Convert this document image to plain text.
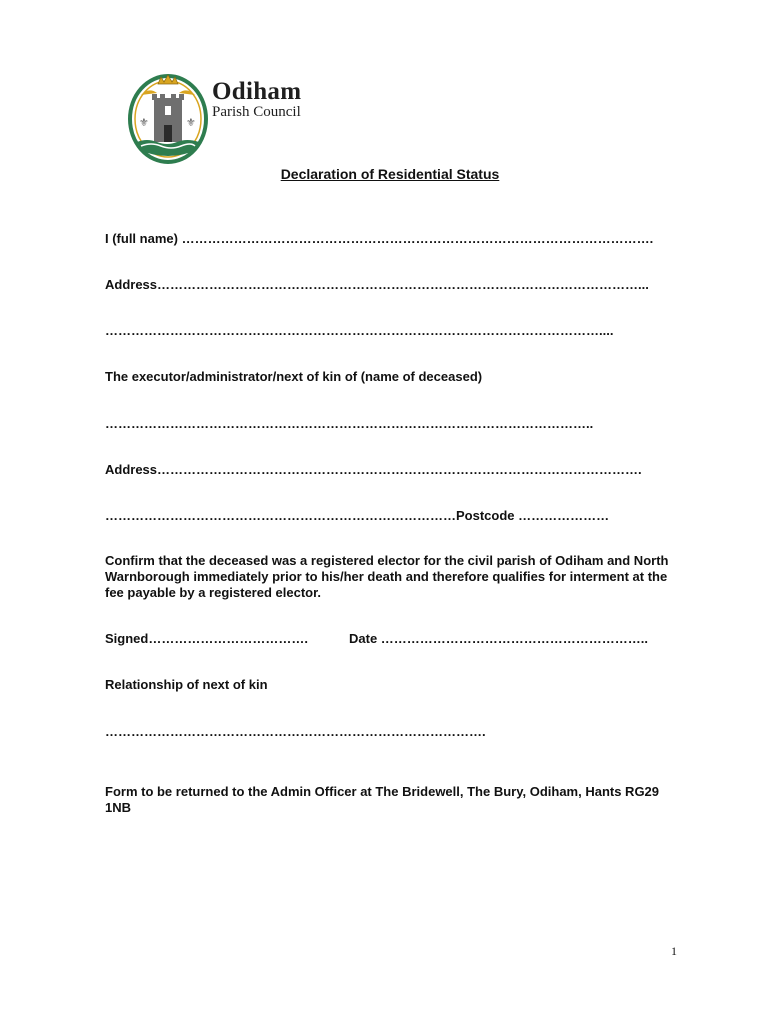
⚜	⚜
Odiham
Parish Council
Declaration of Residential Status
I (full name) ……………………………………………………………………………………………….
Address…………………………………………………………………………………………………...
……………………………………………………………………………………………………....
The executor/administrator/next of kin of (name of deceased)
…………………………………………………………………………………………………..
Address………………………………………………………………………………………………….
………………………………………………………………………Postcode …………………
Confirm that the deceased was a registered elector for the civil parish of Odiham and North Warnborough immediately prior to his/her death and therefore qualifies for interment at the fee payable by a registered elector.
Signed……………………………….	Date ……………………………………………………..
Relationship of next of kin
…………………………………………………………………………….
Form to be returned to the Admin Officer at The Bridewell, The Bury, Odiham, Hants RG29 1NB
1
